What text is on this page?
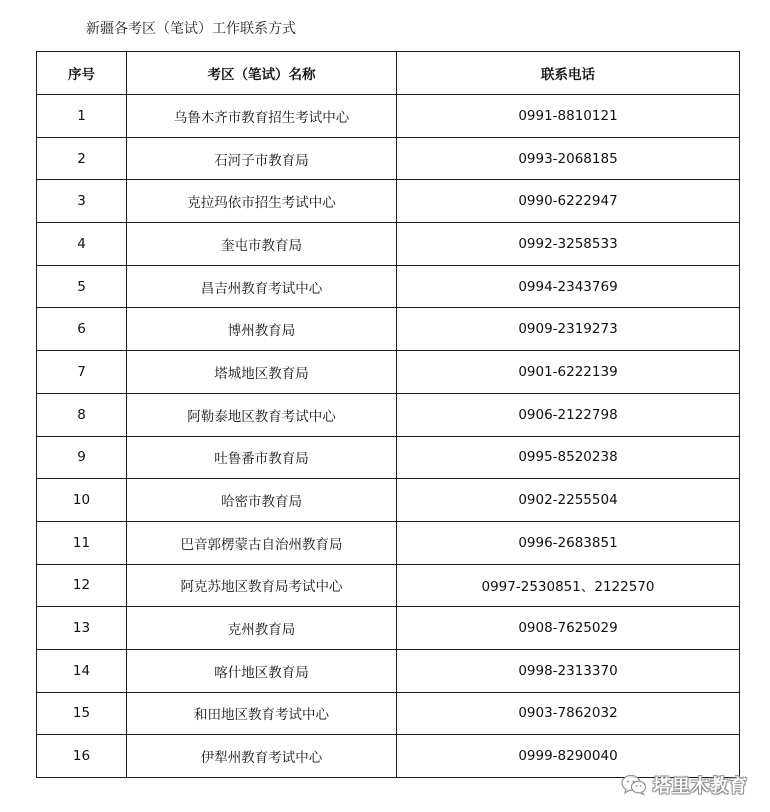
新疆各考区（笔试）工作联系方式
序号	考区（笔试）名称	联系电话
1	乌鲁木齐市教育招生考试中心	0991-8810121
2	石河子市教育局	0993-2068185
3	克拉玛依市招生考试中心	0990-6222947
4	奎屯市教育局	0992-3258533
5	昌吉州教育考试中心	0994-2343769
6	博州教育局	0909-2319273
7	塔城地区教育局	0901-6222139
8	阿勒泰地区教育考试中心	0906-2122798
9	吐鲁番市教育局	0995-8520238
10	哈密市教育局	0902-2255504
11	巴音郭楞蒙古自治州教育局	0996-2683851
12	阿克苏地区教育局考试中心	0997-2530851、2122570
13	克州教育局	0908-7625029
14	喀什地区教育局	0998-2313370
15	和田地区教育考试中心	0903-7862032
16	伊犁州教育考试中心	0999-8290040
塔里木教育
